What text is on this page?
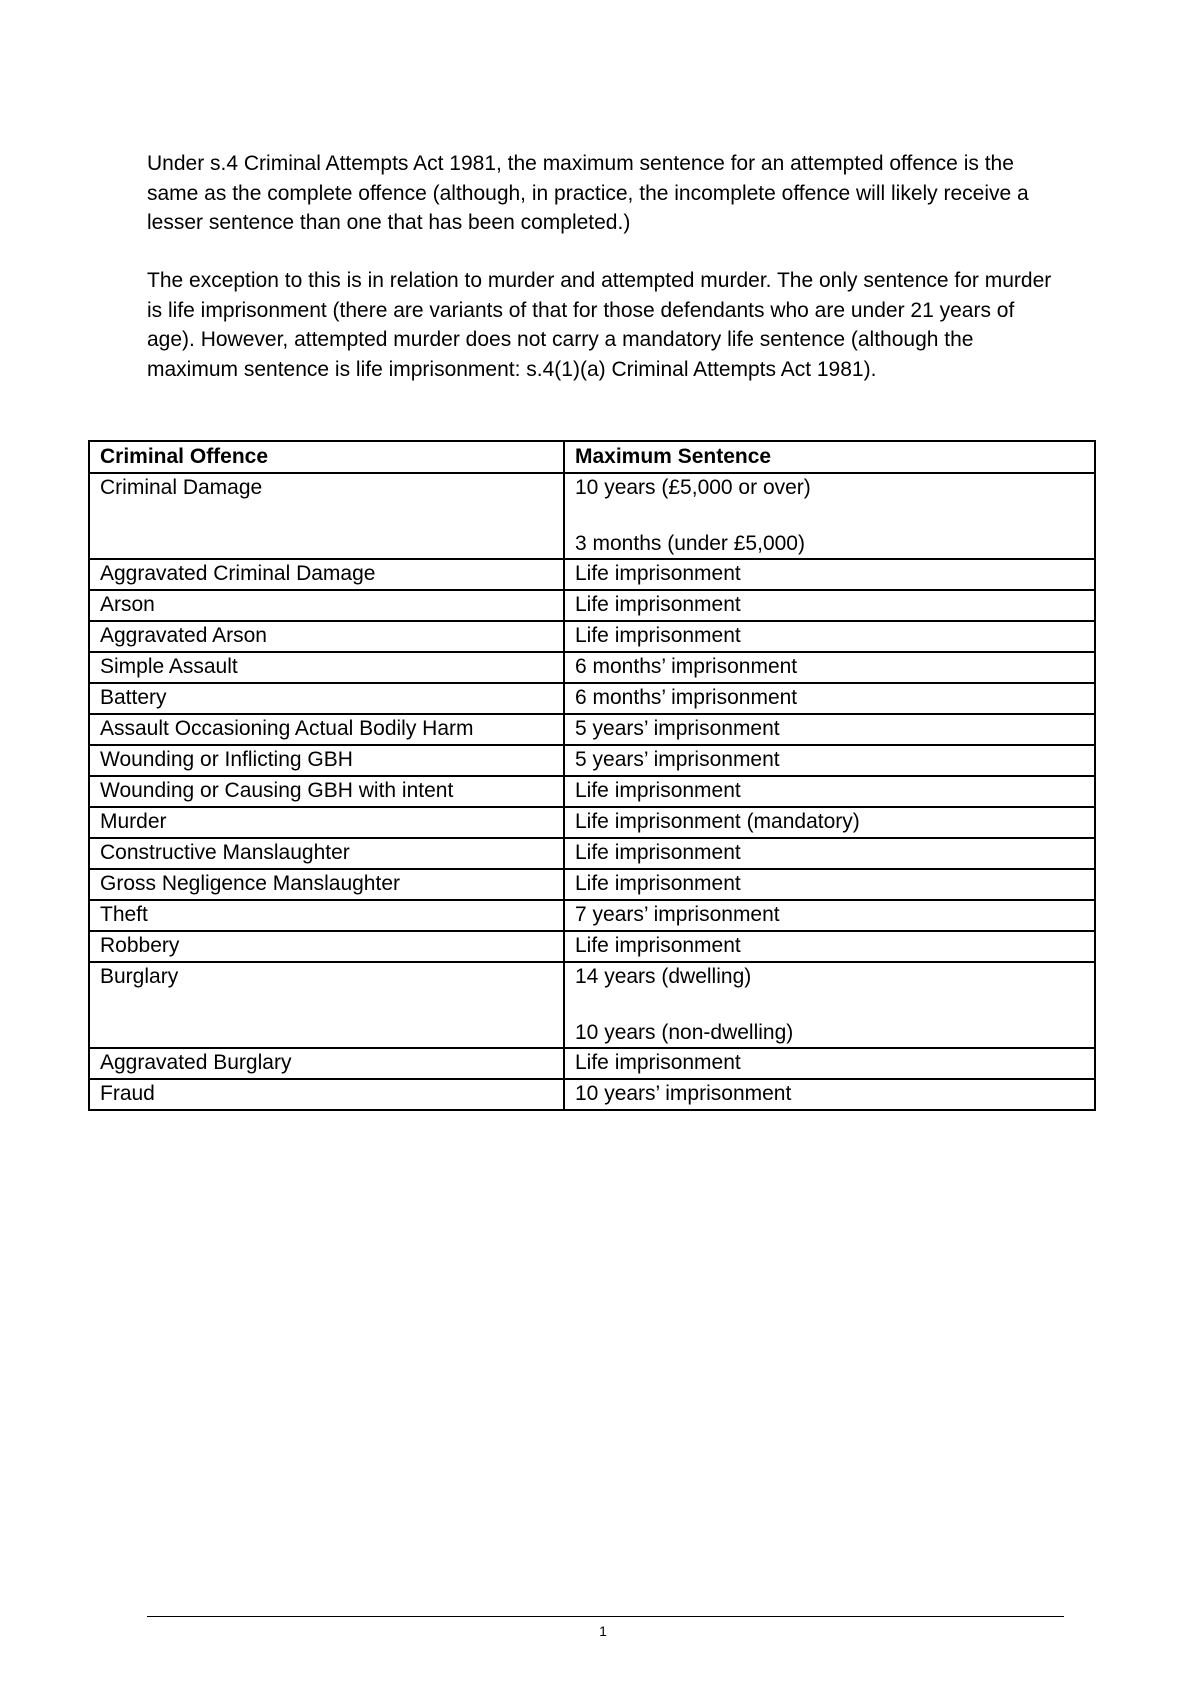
Under s.4 Criminal Attempts Act 1981, the maximum sentence for an attempted offence is the same as the complete offence (although, in practice, the incomplete offence will likely receive a lesser sentence than one that has been completed.)

The exception to this is in relation to murder and attempted murder. The only sentence for murder is life imprisonment (there are variants of that for those defendants who are under 21 years of age). However, attempted murder does not carry a mandatory life sentence (although the maximum sentence is life imprisonment: s.4(1)(a) Criminal Attempts Act 1981).

Criminal Offence	Maximum Sentence
Criminal Damage	10 years (£5,000 or over)
3 months (under £5,000)

Aggravated Criminal Damage	Life imprisonment

Arson	Life imprisonment

Aggravated Arson	Life imprisonment

Simple Assault	6 months’ imprisonment

Battery	6 months’ imprisonment

Assault Occasioning Actual Bodily Harm	5 years’ imprisonment

Wounding or Inflicting GBH	5 years’ imprisonment

Wounding or Causing GBH with intent	Life imprisonment

Murder	Life imprisonment (mandatory)

Constructive Manslaughter	Life imprisonment

Gross Negligence Manslaughter	Life imprisonment

Theft	7 years’ imprisonment

Robbery	Life imprisonment

Burglary	14 years (dwelling)
10 years (non-dwelling)

Aggravated Burglary	Life imprisonment

Fraud	10 years’ imprisonment
1
